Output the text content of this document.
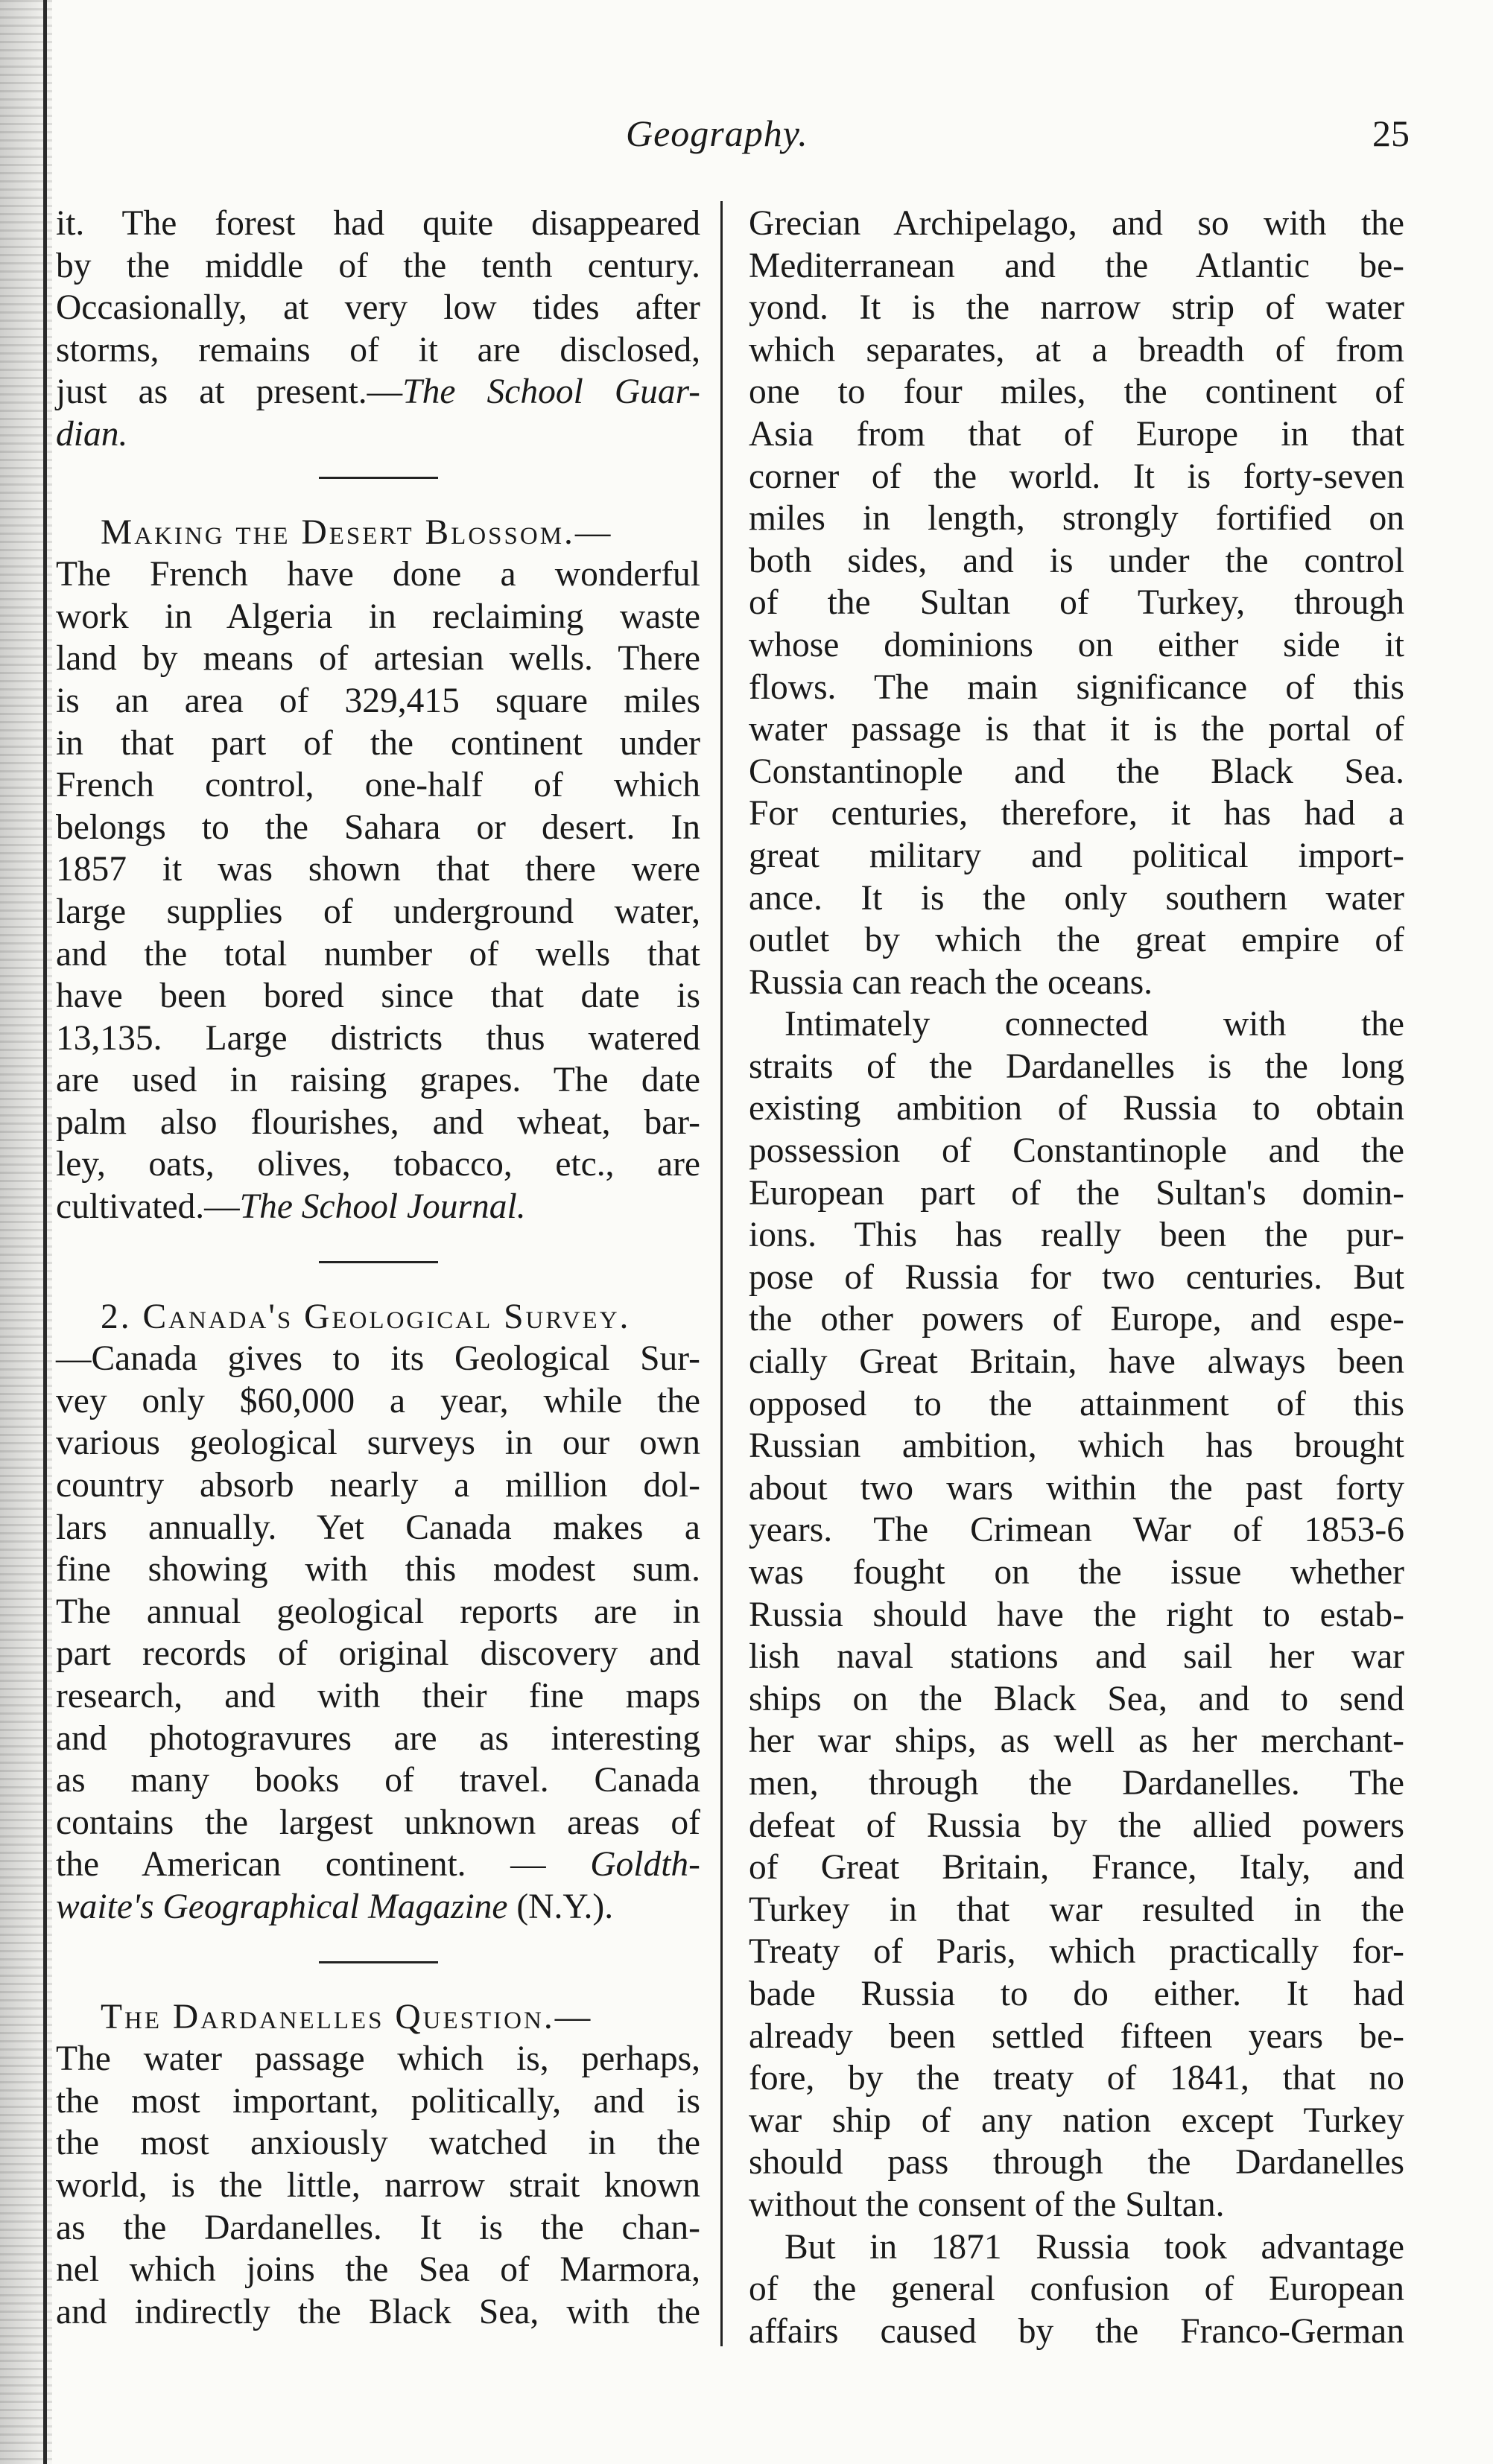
Geography.	25
it. The forest had quite disappeared
by the middle of the tenth century.
Occasionally, at very low tides after
storms, remains of it are disclosed,
just as at present.—The School Guar-
dian.
Making the Desert Blossom.—
The French have done a wonderful
work in Algeria in reclaiming waste
land by means of artesian wells. There
is an area of 329,415 square miles
in that part of the continent under
French control, one-half of which
belongs to the Sahara or desert. In
1857 it was shown that there were
large supplies of underground water,
and the total number of wells that
have been bored since that date is
13,135. Large districts thus watered
are used in raising grapes. The date
palm also flourishes, and wheat, bar-
ley, oats, olives, tobacco, etc., are
cultivated.—The School Journal.
2. Canada's Geological Survey.
—Canada gives to its Geological Sur-
vey only $60,000 a year, while the
various geological surveys in our own
country absorb nearly a million dol-
lars annually. Yet Canada makes a
fine showing with this modest sum.
The annual geological reports are in
part records of original discovery and
research, and with their fine maps
and photogravures are as interesting
as many books of travel. Canada
contains the largest unknown areas of
the American continent. — Goldth-
waite's Geographical Magazine (N.Y.).
The Dardanelles Question.—
The water passage which is, perhaps,
the most important, politically, and is
the most anxiously watched in the
world, is the little, narrow strait known
as the Dardanelles. It is the chan-
nel which joins the Sea of Marmora,
and indirectly the Black Sea, with the
Grecian Archipelago, and so with the
Mediterranean and the Atlantic be-
yond. It is the narrow strip of water
which separates, at a breadth of from
one to four miles, the continent of
Asia from that of Europe in that
corner of the world. It is forty-seven
miles in length, strongly fortified on
both sides, and is under the control
of the Sultan of Turkey, through
whose dominions on either side it
flows. The main significance of this
water passage is that it is the portal of
Constantinople and the Black Sea.
For centuries, therefore, it has had a
great military and political import-
ance. It is the only southern water
outlet by which the great empire of
Russia can reach the oceans.
Intimately connected with the
straits of the Dardanelles is the long
existing ambition of Russia to obtain
possession of Constantinople and the
European part of the Sultan's domin-
ions. This has really been the pur-
pose of Russia for two centuries. But
the other powers of Europe, and espe-
cially Great Britain, have always been
opposed to the attainment of this
Russian ambition, which has brought
about two wars within the past forty
years. The Crimean War of 1853-6
was fought on the issue whether
Russia should have the right to estab-
lish naval stations and sail her war
ships on the Black Sea, and to send
her war ships, as well as her merchant-
men, through the Dardanelles. The
defeat of Russia by the allied powers
of Great Britain, France, Italy, and
Turkey in that war resulted in the
Treaty of Paris, which practically for-
bade Russia to do either. It had
already been settled fifteen years be-
fore, by the treaty of 1841, that no
war ship of any nation except Turkey
should pass through the Dardanelles
without the consent of the Sultan.
But in 1871 Russia took advantage
of the general confusion of European
affairs caused by the Franco-German
